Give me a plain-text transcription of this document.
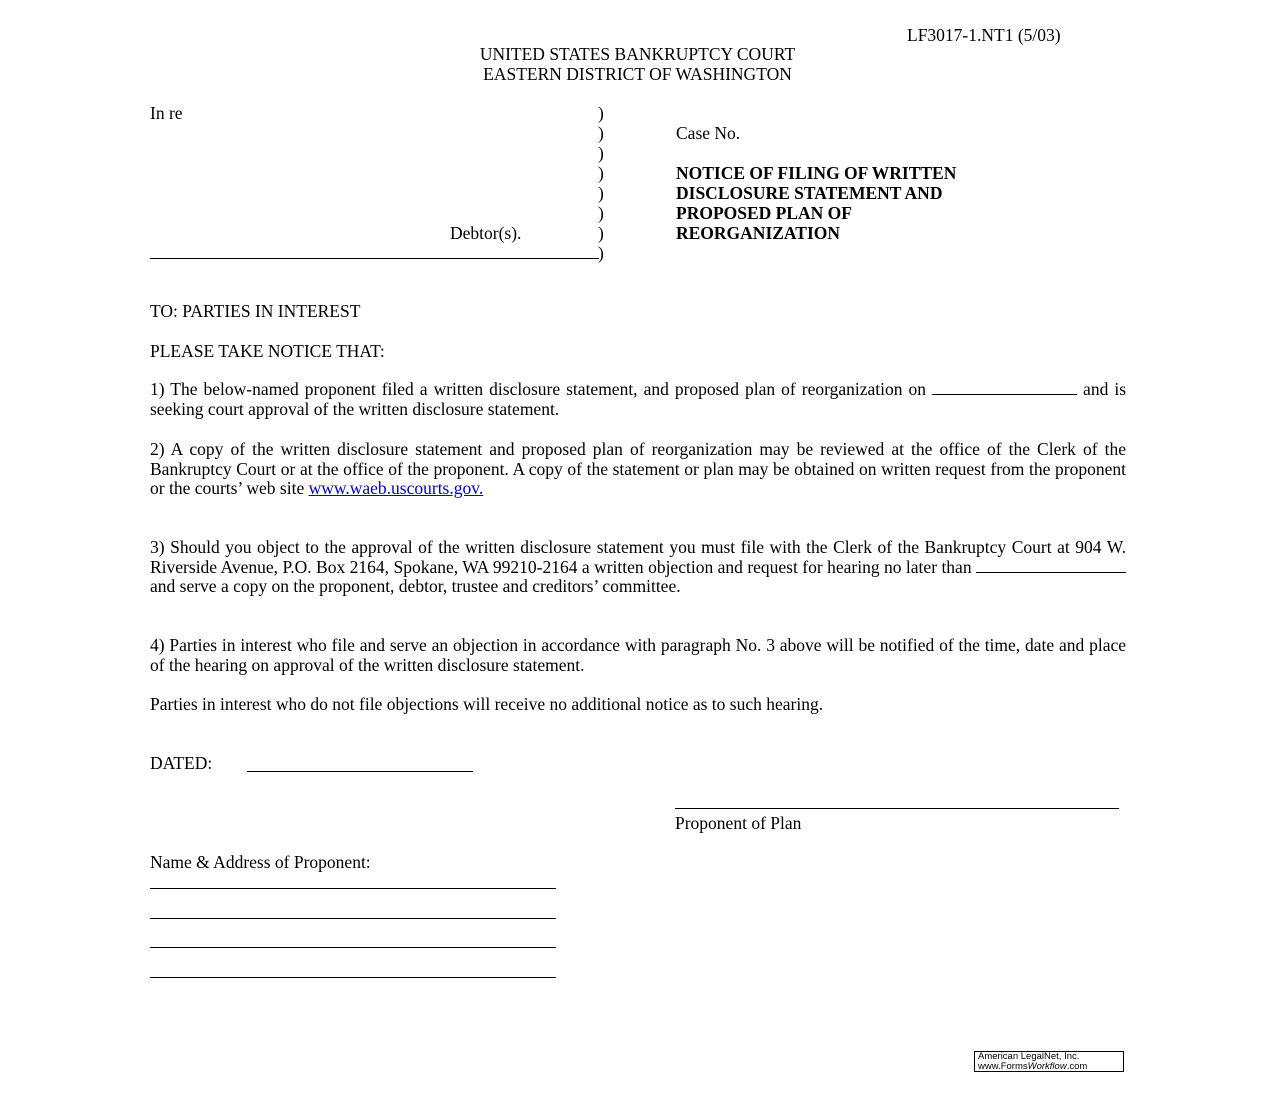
LF3017-1.NT1 (5/03)
UNITED STATES BANKRUPTCY COURT
EASTERN DISTRICT OF WASHINGTON
In re
Debtor(s).
)
)
)
)
)
)
)
)
Case No.
NOTICE OF FILING OF WRITTEN
DISCLOSURE STATEMENT AND
PROPOSED PLAN OF
REORGANIZATION
TO: PARTIES IN INTEREST
PLEASE TAKE NOTICE THAT:
1) The below-named proponent filed a written disclosure statement, and proposed plan of reorganization on	and is seeking court approval of the written disclosure statement.
2) A copy of the written disclosure statement and proposed plan of reorganization may be reviewed at the office of the Clerk of the Bankruptcy Court or at the office of the proponent. A copy of the statement or plan may be obtained on written request from the proponent or the courts’ web site www.waeb.uscourts.gov.
3) Should you object to the approval of the written disclosure statement you must file with the Clerk of the Bankruptcy Court at 904 W. Riverside Avenue, P.O. Box 2164, Spokane, WA 99210-2164 a written objection and request for hearing no later than  and serve a copy on the proponent, debtor, trustee and creditors’ committee.
4) Parties in interest who file and serve an objection in accordance with paragraph No. 3 above will be notified of the time, date and place of the hearing on approval of the written disclosure statement.
Parties in interest who do not file objections will receive no additional notice as to such hearing.
DATED:
Proponent of Plan
Name & Address of Proponent:
American LegalNet, Inc.
www.FormsWorkflow.com
